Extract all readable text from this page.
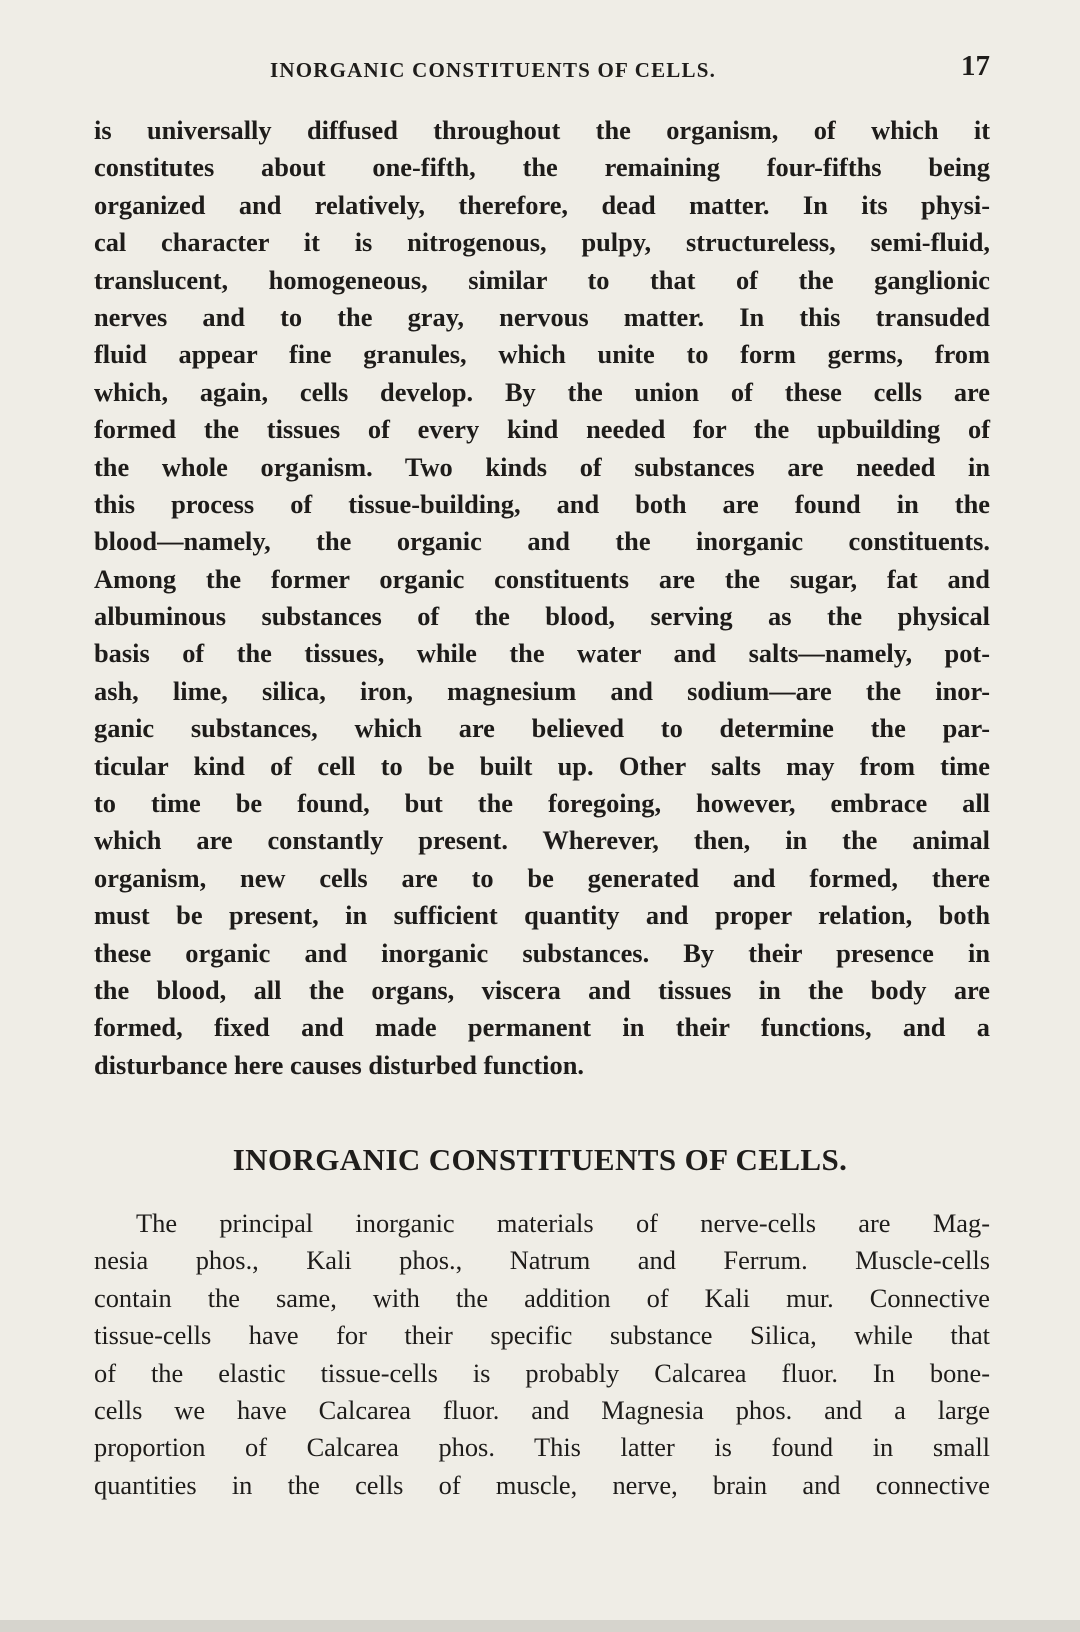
INORGANIC CONSTITUENTS OF CELLS.	17
is universally diffused throughout the organism, of which it
constitutes about one-fifth, the remaining four-fifths being
organized and relatively, therefore, dead matter. In its physi-
cal character it is nitrogenous, pulpy, structureless, semi-fluid,
translucent, homogeneous, similar to that of the ganglionic
nerves and to the gray, nervous matter. In this transuded
fluid appear fine granules, which unite to form germs, from
which, again, cells develop. By the union of these cells are
formed the tissues of every kind needed for the upbuilding of
the whole organism. Two kinds of substances are needed in
this process of tissue-building, and both are found in the
blood—namely, the organic and the inorganic constituents.
Among the former organic constituents are the sugar, fat and
albuminous substances of the blood, serving as the physical
basis of the tissues, while the water and salts—namely, pot-
ash, lime, silica, iron, magnesium and sodium—are the inor-
ganic substances, which are believed to determine the par-
ticular kind of cell to be built up. Other salts may from time
to time be found, but the foregoing, however, embrace all
which are constantly present. Wherever, then, in the animal
organism, new cells are to be generated and formed, there
must be present, in sufficient quantity and proper relation, both
these organic and inorganic substances. By their presence in
the blood, all the organs, viscera and tissues in the body are
formed, fixed and made permanent in their functions, and a
disturbance here causes disturbed function.
INORGANIC CONSTITUENTS OF CELLS.
The principal inorganic materials of nerve-cells are Mag-
nesia phos., Kali phos., Natrum and Ferrum. Muscle-cells
contain the same, with the addition of Kali mur. Connective
tissue-cells have for their specific substance Silica, while that
of the elastic tissue-cells is probably Calcarea fluor. In bone-
cells we have Calcarea fluor. and Magnesia phos. and a large
proportion of Calcarea phos. This latter is found in small
quantities in the cells of muscle, nerve, brain and connective
